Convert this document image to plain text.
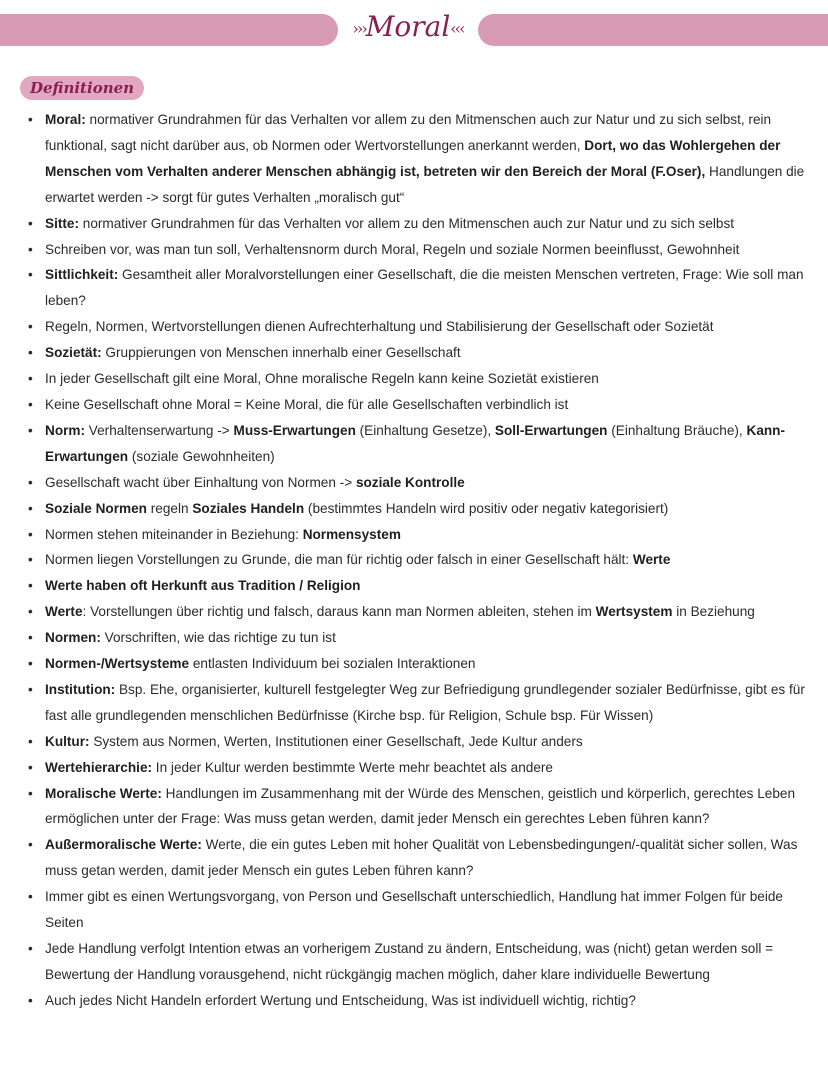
›››Moral‹‹‹
Definitionen
• Moral: normativer Grundrahmen für das Verhalten vor allem zu den Mitmenschen auch zur Natur und zu sich selbst, rein funktional, sagt nicht darüber aus, ob Normen oder Wertvorstellungen anerkannt werden, Dort, wo das Wohlergehen der Menschen vom Verhalten anderer Menschen abhängig ist, betreten wir den Bereich der Moral (F.Oser), Handlungen die erwartet werden -> sorgt für gutes Verhalten „moralisch gut“
• Sitte: normativer Grundrahmen für das Verhalten vor allem zu den Mitmenschen auch zur Natur und zu sich selbst
• Schreiben vor, was man tun soll, Verhaltensnorm durch Moral, Regeln und soziale Normen beeinflusst, Gewohnheit
• Sittlichkeit: Gesamtheit aller Moralvorstellungen einer Gesellschaft, die die meisten Menschen vertreten, Frage: Wie soll man leben?
• Regeln, Normen, Wertvorstellungen dienen Aufrechterhaltung und Stabilisierung der Gesellschaft oder Sozietät
• Sozietät: Gruppierungen von Menschen innerhalb einer Gesellschaft
• In jeder Gesellschaft gilt eine Moral, Ohne moralische Regeln kann keine Sozietät existieren
• Keine Gesellschaft ohne Moral = Keine Moral, die für alle Gesellschaften verbindlich ist
• Norm: Verhaltenserwartung -> Muss-Erwartungen (Einhaltung Gesetze), Soll-Erwartungen (Einhaltung Bräuche), Kann-Erwartungen (soziale Gewohnheiten)
• Gesellschaft wacht über Einhaltung von Normen -> soziale Kontrolle
• Soziale Normen regeln Soziales Handeln (bestimmtes Handeln wird positiv oder negativ kategorisiert)
• Normen stehen miteinander in Beziehung: Normensystem
• Normen liegen Vorstellungen zu Grunde, die man für richtig oder falsch in einer Gesellschaft hält: Werte
• Werte haben oft Herkunft aus Tradition / Religion
• Werte: Vorstellungen über richtig und falsch, daraus kann man Normen ableiten, stehen im Wertsystem in Beziehung
• Normen: Vorschriften, wie das richtige zu tun ist
• Normen-/Wertsysteme entlasten Individuum bei sozialen Interaktionen
• Institution: Bsp. Ehe, organisierter, kulturell festgelegter Weg zur Befriedigung grundlegender sozialer Bedürfnisse, gibt es für fast alle grundlegenden menschlichen Bedürfnisse (Kirche bsp. für Religion, Schule bsp. Für Wissen)
• Kultur: System aus Normen, Werten, Institutionen einer Gesellschaft, Jede Kultur anders
• Wertehierarchie: In jeder Kultur werden bestimmte Werte mehr beachtet als andere
• Moralische Werte: Handlungen im Zusammenhang mit der Würde des Menschen, geistlich und körperlich, gerechtes Leben ermöglichen unter der Frage: Was muss getan werden, damit jeder Mensch ein gerechtes Leben führen kann?
• Außermoralische Werte: Werte, die ein gutes Leben mit hoher Qualität von Lebensbedingungen/-qualität sicher sollen, Was muss getan werden, damit jeder Mensch ein gutes Leben führen kann?
• Immer gibt es einen Wertungsvorgang, von Person und Gesellschaft unterschiedlich, Handlung hat immer Folgen für beide Seiten
• Jede Handlung verfolgt Intention etwas an vorherigem Zustand zu ändern, Entscheidung, was (nicht) getan werden soll = Bewertung der Handlung vorausgehend, nicht rückgängig machen möglich, daher klare individuelle Bewertung
• Auch jedes Nicht Handeln erfordert Wertung und Entscheidung, Was ist individuell wichtig, richtig?
